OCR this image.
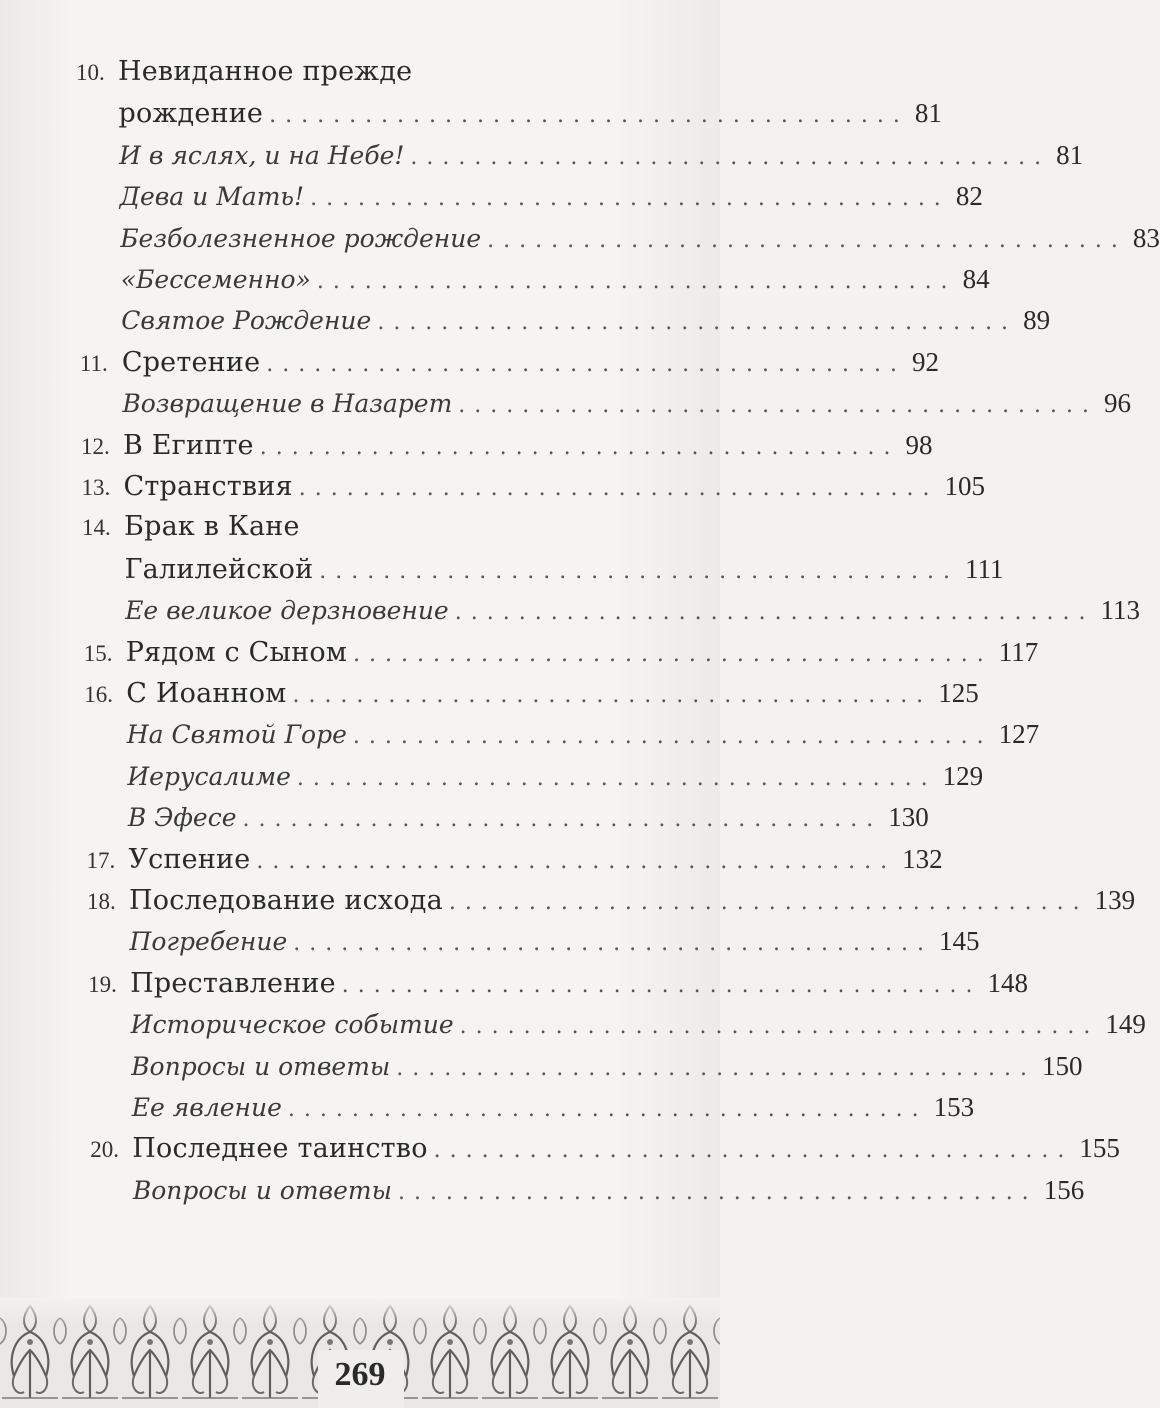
10. Невиданное прежде
рождение ........................................ 81
И в яслях, и на Небе! ........................................ 81
Дева и Мать! ........................................ 82
Безболезненное рождение ........................................ 83
«Бессеменно» ........................................ 84
Святое Рождение ........................................ 89
11. Сретение ........................................ 92
Возвращение в Назарет ........................................ 96
12. В Египте ........................................ 98
13. Странствия ........................................ 105
14. Брак в Кане
Галилейской ........................................ 111
Ее великое дерзновение ........................................ 113
15. Рядом с Сыном ........................................ 117
16. С Иоанном ........................................ 125
На Святой Горе ........................................ 127
Иерусалиме ........................................ 129
В Эфесе ........................................ 130
17. Успение ........................................ 132
18. Последование исхода ........................................ 139
Погребение ........................................ 145
19. Преставление ........................................ 148
Историческое событие ........................................ 149
Вопросы и ответы ........................................ 150
Ее явление ........................................ 153
20. Последнее таинство ........................................ 155
Вопросы и ответы ........................................ 156
269
